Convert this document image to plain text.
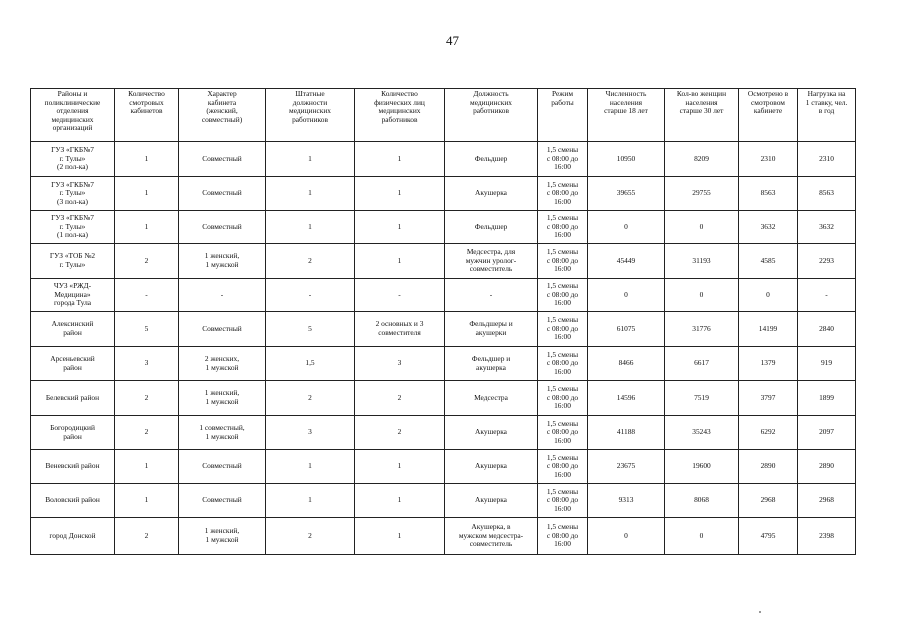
47
Районы и
поликлинические
отделения
медицинских
организаций	Количество
смотровых
кабинетов	Характер
кабинета
(женский,
совместный)	Штатные
должности
медицинских
работников	Количество
физических лиц
медицинских
работников	Должность
медицинских
работников	Режим
работы	Численность
населения
старше 18 лет	Кол-во женщин
населения
старше 30 лет	Осмотрено в
смотровом
кабинете	Нагрузка на
1 ставку, чел.
в год
ГУЗ «ГКБ№7
г. Тулы»
(2 пол-ка)	1	Совместный	1	1	Фельдшер	1,5 смены
с 08:00 до
16:00	10950	8209	2310	2310
ГУЗ «ГКБ№7
г. Тулы»
(3 пол-ка)	1	Совместный	1	1	Акушерка	1,5 смены
с 08:00 до
16:00	39655	29755	8563	8563
ГУЗ «ГКБ№7
г. Тулы»
(1 пол-ка)	1	Совместный	1	1	Фельдшер	1,5 смены
с 08:00 до
16:00	0	0	3632	3632
ГУЗ «ТОБ №2
г. Тулы»	2	1 женский,
1 мужской	2	1	Медсестра, для
мужчин уролог-
совместитель	1,5 смены
с 08:00 до
16:00	45449	31193	4585	2293
ЧУЗ «РЖД-
Медицина»
города Тула	-	-	-	-	-	1,5 смены
с 08:00 до
16:00	0	0	0	-
Алексинский
район	5	Совместный	5	2 основных и 3
совместителя	Фельдшеры и
акушерки	1,5 смены
с 08:00 до
16:00	61075	31776	14199	2840
Арсеньевский
район	3	2 женских,
1 мужской	1,5	3	Фельдшер и
акушерка	1,5 смены
с 08:00 до
16:00	8466	6617	1379	919
Белевский район	2	1 женский,
1 мужской	2	2	Медсестра	1,5 смены
с 08:00 до
16:00	14596	7519	3797	1899
Богородицкий
район	2	1 совместный,
1 мужской	3	2	Акушерка	1,5 смены
с 08:00 до
16:00	41188	35243	6292	2097
Веневский район	1	Совместный	1	1	Акушерка	1,5 смены
с 08:00 до
16:00	23675	19600	2890	2890
Воловский район	1	Совместный	1	1	Акушерка	1,5 смены
с 08:00 до
16:00	9313	8068	2968	2968
город Донской	2	1 женский,
1 мужской	2	1	Акушерка, в
мужском медсестра-
совместитель	1,5 смены
с 08:00 до
16:00	0	0	4795	2398
